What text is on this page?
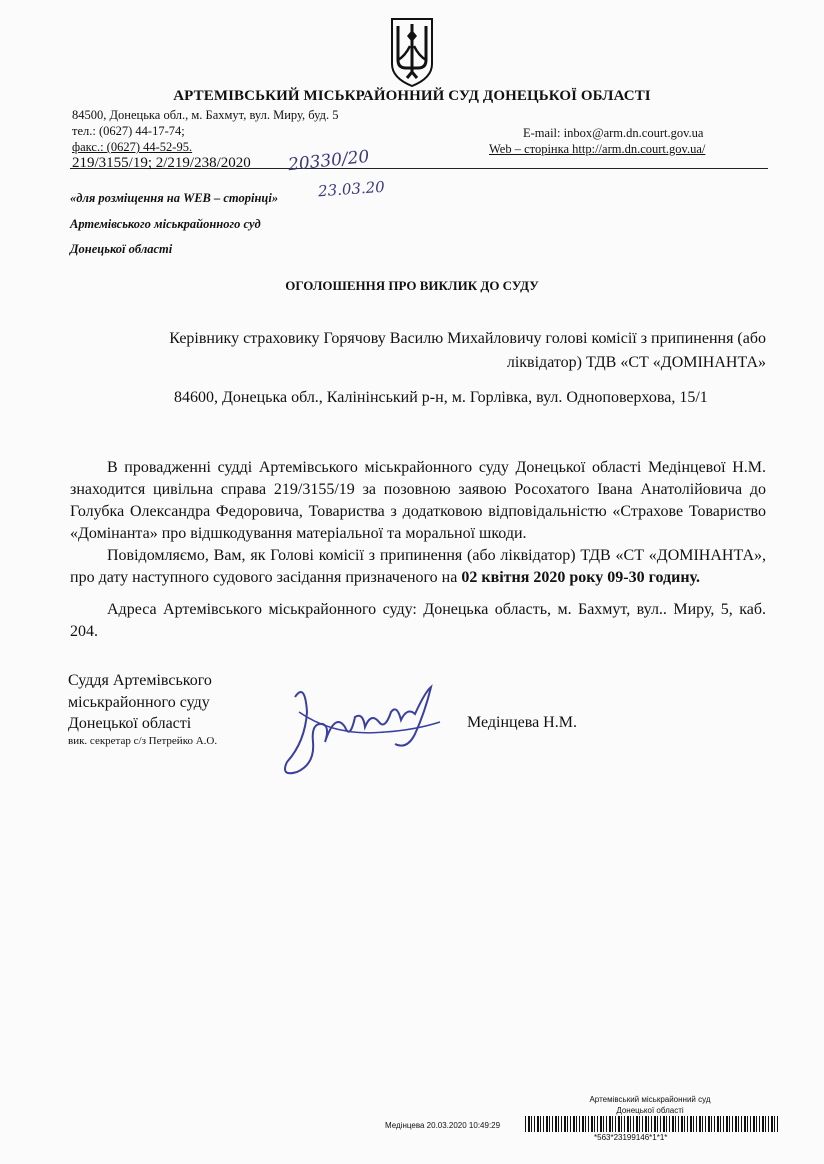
АРТЕМІВСЬКИЙ МІСЬКРАЙОННИЙ СУД ДОНЕЦЬКОЇ ОБЛАСТІ
84500, Донецька обл., м. Бахмут, вул. Миру, буд. 5
тел.: (0627) 44-17-74;
факс.: (0627) 44-52-95.
E-mail: inbox@arm.dn.court.gov.ua
Web – сторінка http://arm.dn.court.gov.ua/
219/3155/19; 2/219/238/2020 20330/20
23.03.20
«для розміщення на WEB – сторінці»
Артемівського міськрайонного суд
Донецької області
ОГОЛОШЕННЯ ПРО ВИКЛИК ДО СУДУ
Керівнику страховику Горячову Василю Михайловичу голові комісії з припинення (або
ліквідатор) ТДВ «СТ «ДОМІНАНТА»
84600, Донецька обл., Калінінський р-н, м. Горлівка, вул. Одноповерхова, 15/1
В провадженні судді Артемівського міськрайонного суду Донецької області Медінцевої Н.М. знаходится цивільна справа 219/3155/19 за позовною заявою Росохатого Івана Анатолійовича до Голубка Олександра Федоровича, Товариства з додатковою відповідальністю «Страхове Товариство «Домінанта» про відшкодування матеріальної та моральної шкоди.
Повідомляємо, Вам, як Голові комісії з припинення (або ліквідатор) ТДВ «СТ «ДОМІНАНТА», про дату наступного судового засідання призначеного на 02 квітня 2020 року 09-30 годину.
Адреса Артемівського міськрайонного суду: Донецька область, м. Бахмут, вул.. Миру, 5, каб. 204.
Суддя Артемівського
міськрайонного суду
Донецької області
вик. секретар с/з Петрейко А.О.
Медінцева Н.М.
Артемівський міськрайонний суд
Донецької області
Медінцева 20.03.2020 10:49:29
*563*23199146*1*1*
